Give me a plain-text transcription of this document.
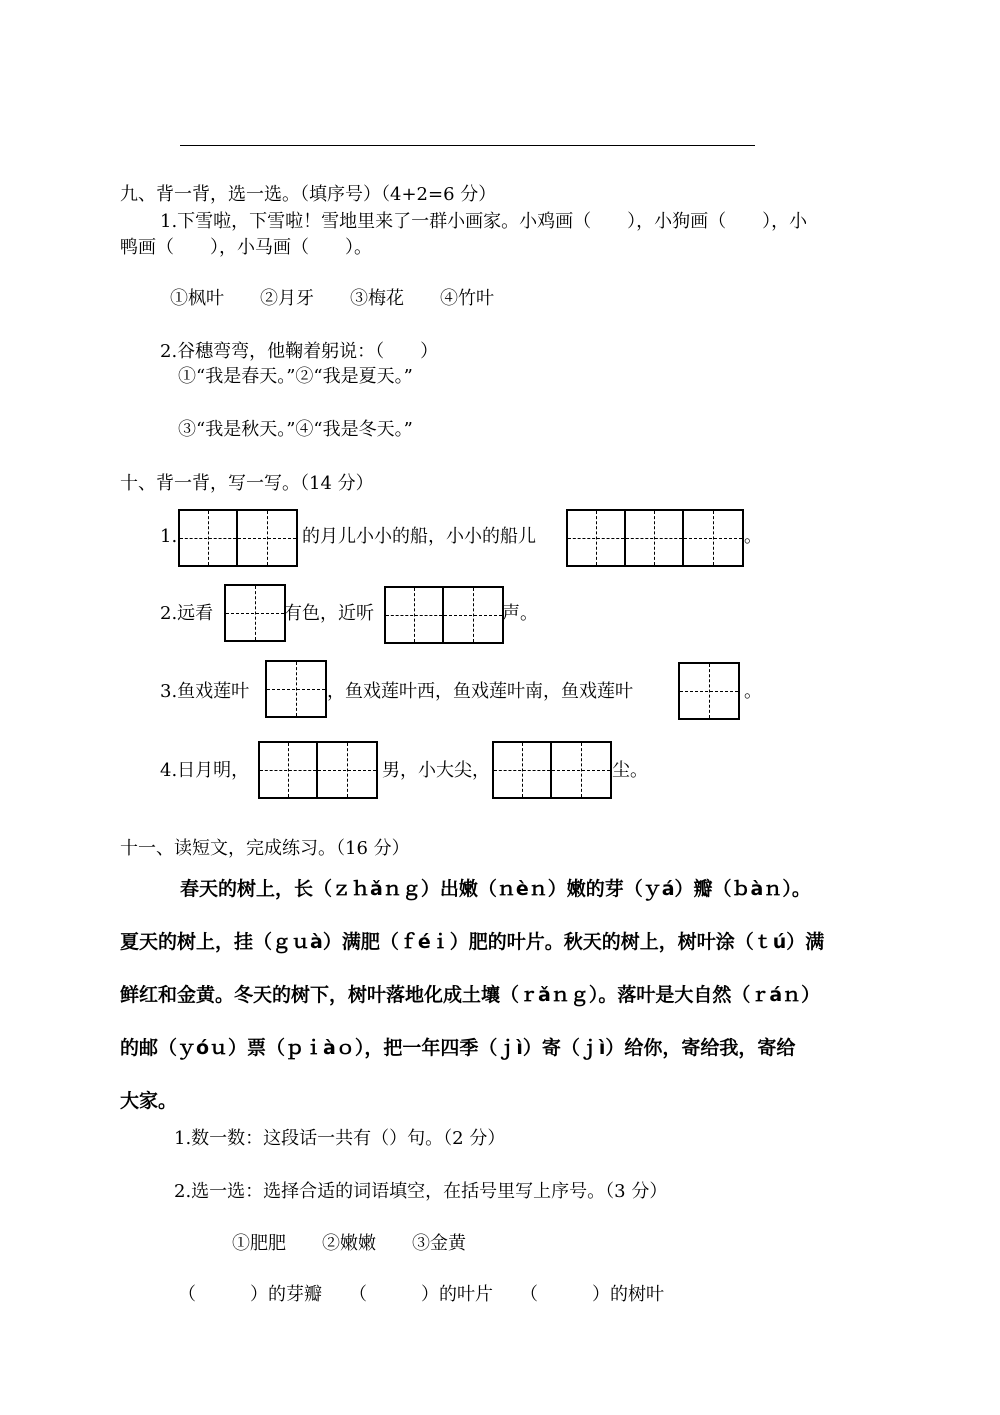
九、背一背，选一选。（填序号）（4+2=6 分）
1.下雪啦，下雪啦！雪地里来了一群小画家。小鸡画（　　），小狗画（　　），小
鸭画（　　），小马画（　　）。
①枫叶　　②月牙　　③梅花　　④竹叶
2.谷穗弯弯，他鞠着躬说：（　　）
①“我是春天。”②“我是夏天。”
③“我是秋天。”④“我是冬天。”
十、背一背，写一写。（14 分）
1.	的月儿小小的船，小小的船儿	。
2.远看	有色，近听	声。
3.鱼戏莲叶	，鱼戏莲叶西，鱼戏莲叶南，鱼戏莲叶	。
4.日月明，	男，小大尖，	尘。
十一、读短文，完成练习。（16 分）
春天的树上，长（ｚｈǎｎｇ）出嫩（ｎèｎ）嫩的芽（ｙá）瓣（ｂàｎ）。
夏天的树上，挂（ｇｕà）满肥（ｆéｉ）肥的叶片。秋天的树上，树叶涂（ｔú）满
鲜红和金黄。冬天的树下，树叶落地化成土壤（ｒǎｎｇ）。落叶是大自然（ｒáｎ）
的邮（ｙóｕ）票（ｐｉàｏ），把一年四季（ｊì）寄（ｊì）给你，寄给我，寄给
大家。
1.数一数：这段话一共有（）句。（2 分）
2.选一选：选择合适的词语填空，在括号里写上序号。（3 分）
①肥肥　　②嫩嫩　　③金黄
（　　　）的芽瓣　　（　　　）的叶片　　（　　　）的树叶
